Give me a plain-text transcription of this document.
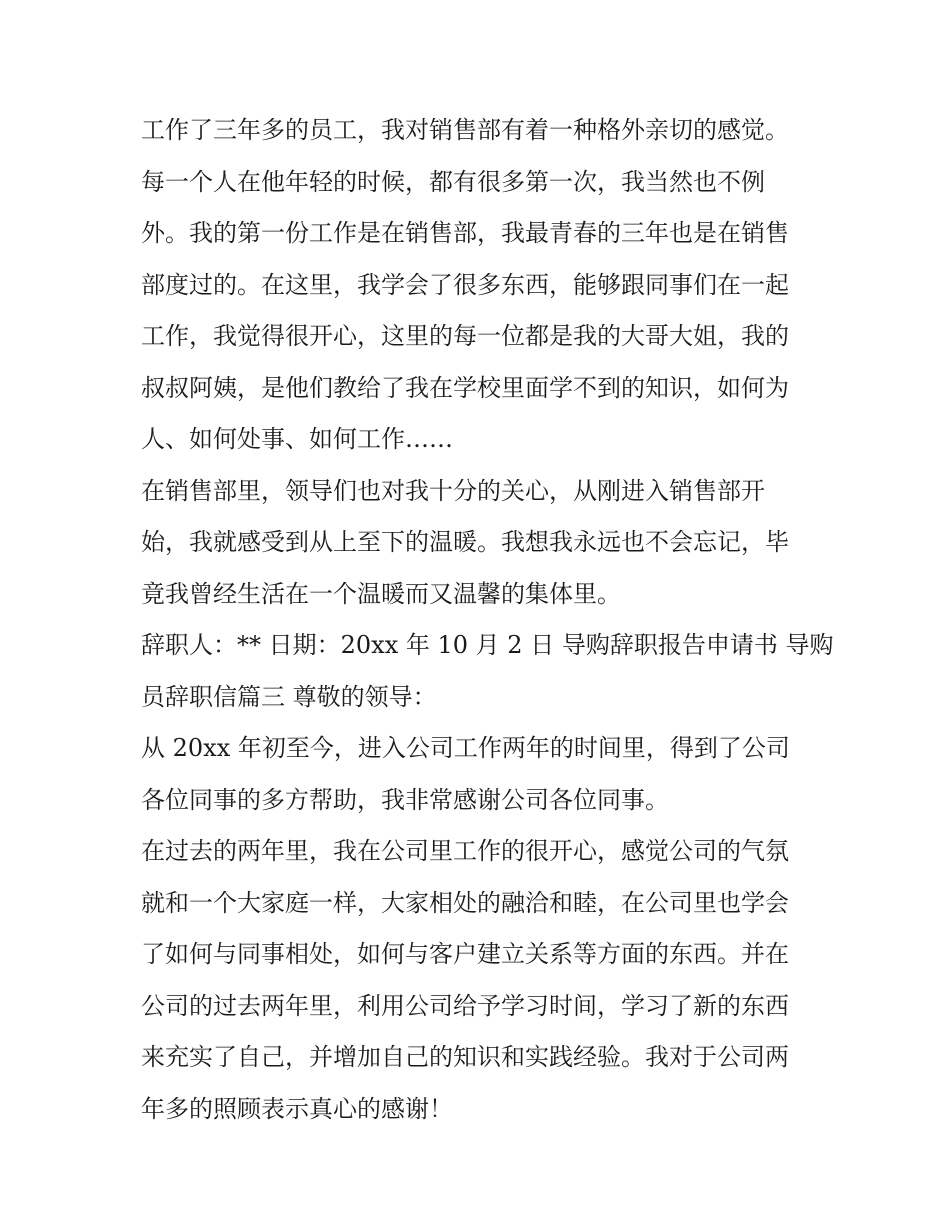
工作了三年多的员工，我对销售部有着一种格外亲切的感觉。
每一个人在他年轻的时候，都有很多第一次，我当然也不例
外。我的第一份工作是在销售部，我最青春的三年也是在销售
部度过的。在这里，我学会了很多东西，能够跟同事们在一起
工作，我觉得很开心，这里的每一位都是我的大哥大姐，我的
叔叔阿姨，是他们教给了我在学校里面学不到的知识，如何为
人、如何处事、如何工作……
在销售部里，领导们也对我十分的关心，从刚进入销售部开
始，我就感受到从上至下的温暖。我想我永远也不会忘记，毕
竟我曾经生活在一个温暖而又温馨的集体里。
辞职人：** 日期：20xx 年 10 月 2 日 导购辞职报告申请书 导购
员辞职信篇三 尊敬的领导：
从 20xx 年初至今，进入公司工作两年的时间里，得到了公司
各位同事的多方帮助，我非常感谢公司各位同事。
在过去的两年里，我在公司里工作的很开心，感觉公司的气氛
就和一个大家庭一样，大家相处的融洽和睦，在公司里也学会
了如何与同事相处，如何与客户建立关系等方面的东西。并在
公司的过去两年里，利用公司给予学习时间，学习了新的东西
来充实了自己，并增加自己的知识和实践经验。我对于公司两
年多的照顾表示真心的感谢！
